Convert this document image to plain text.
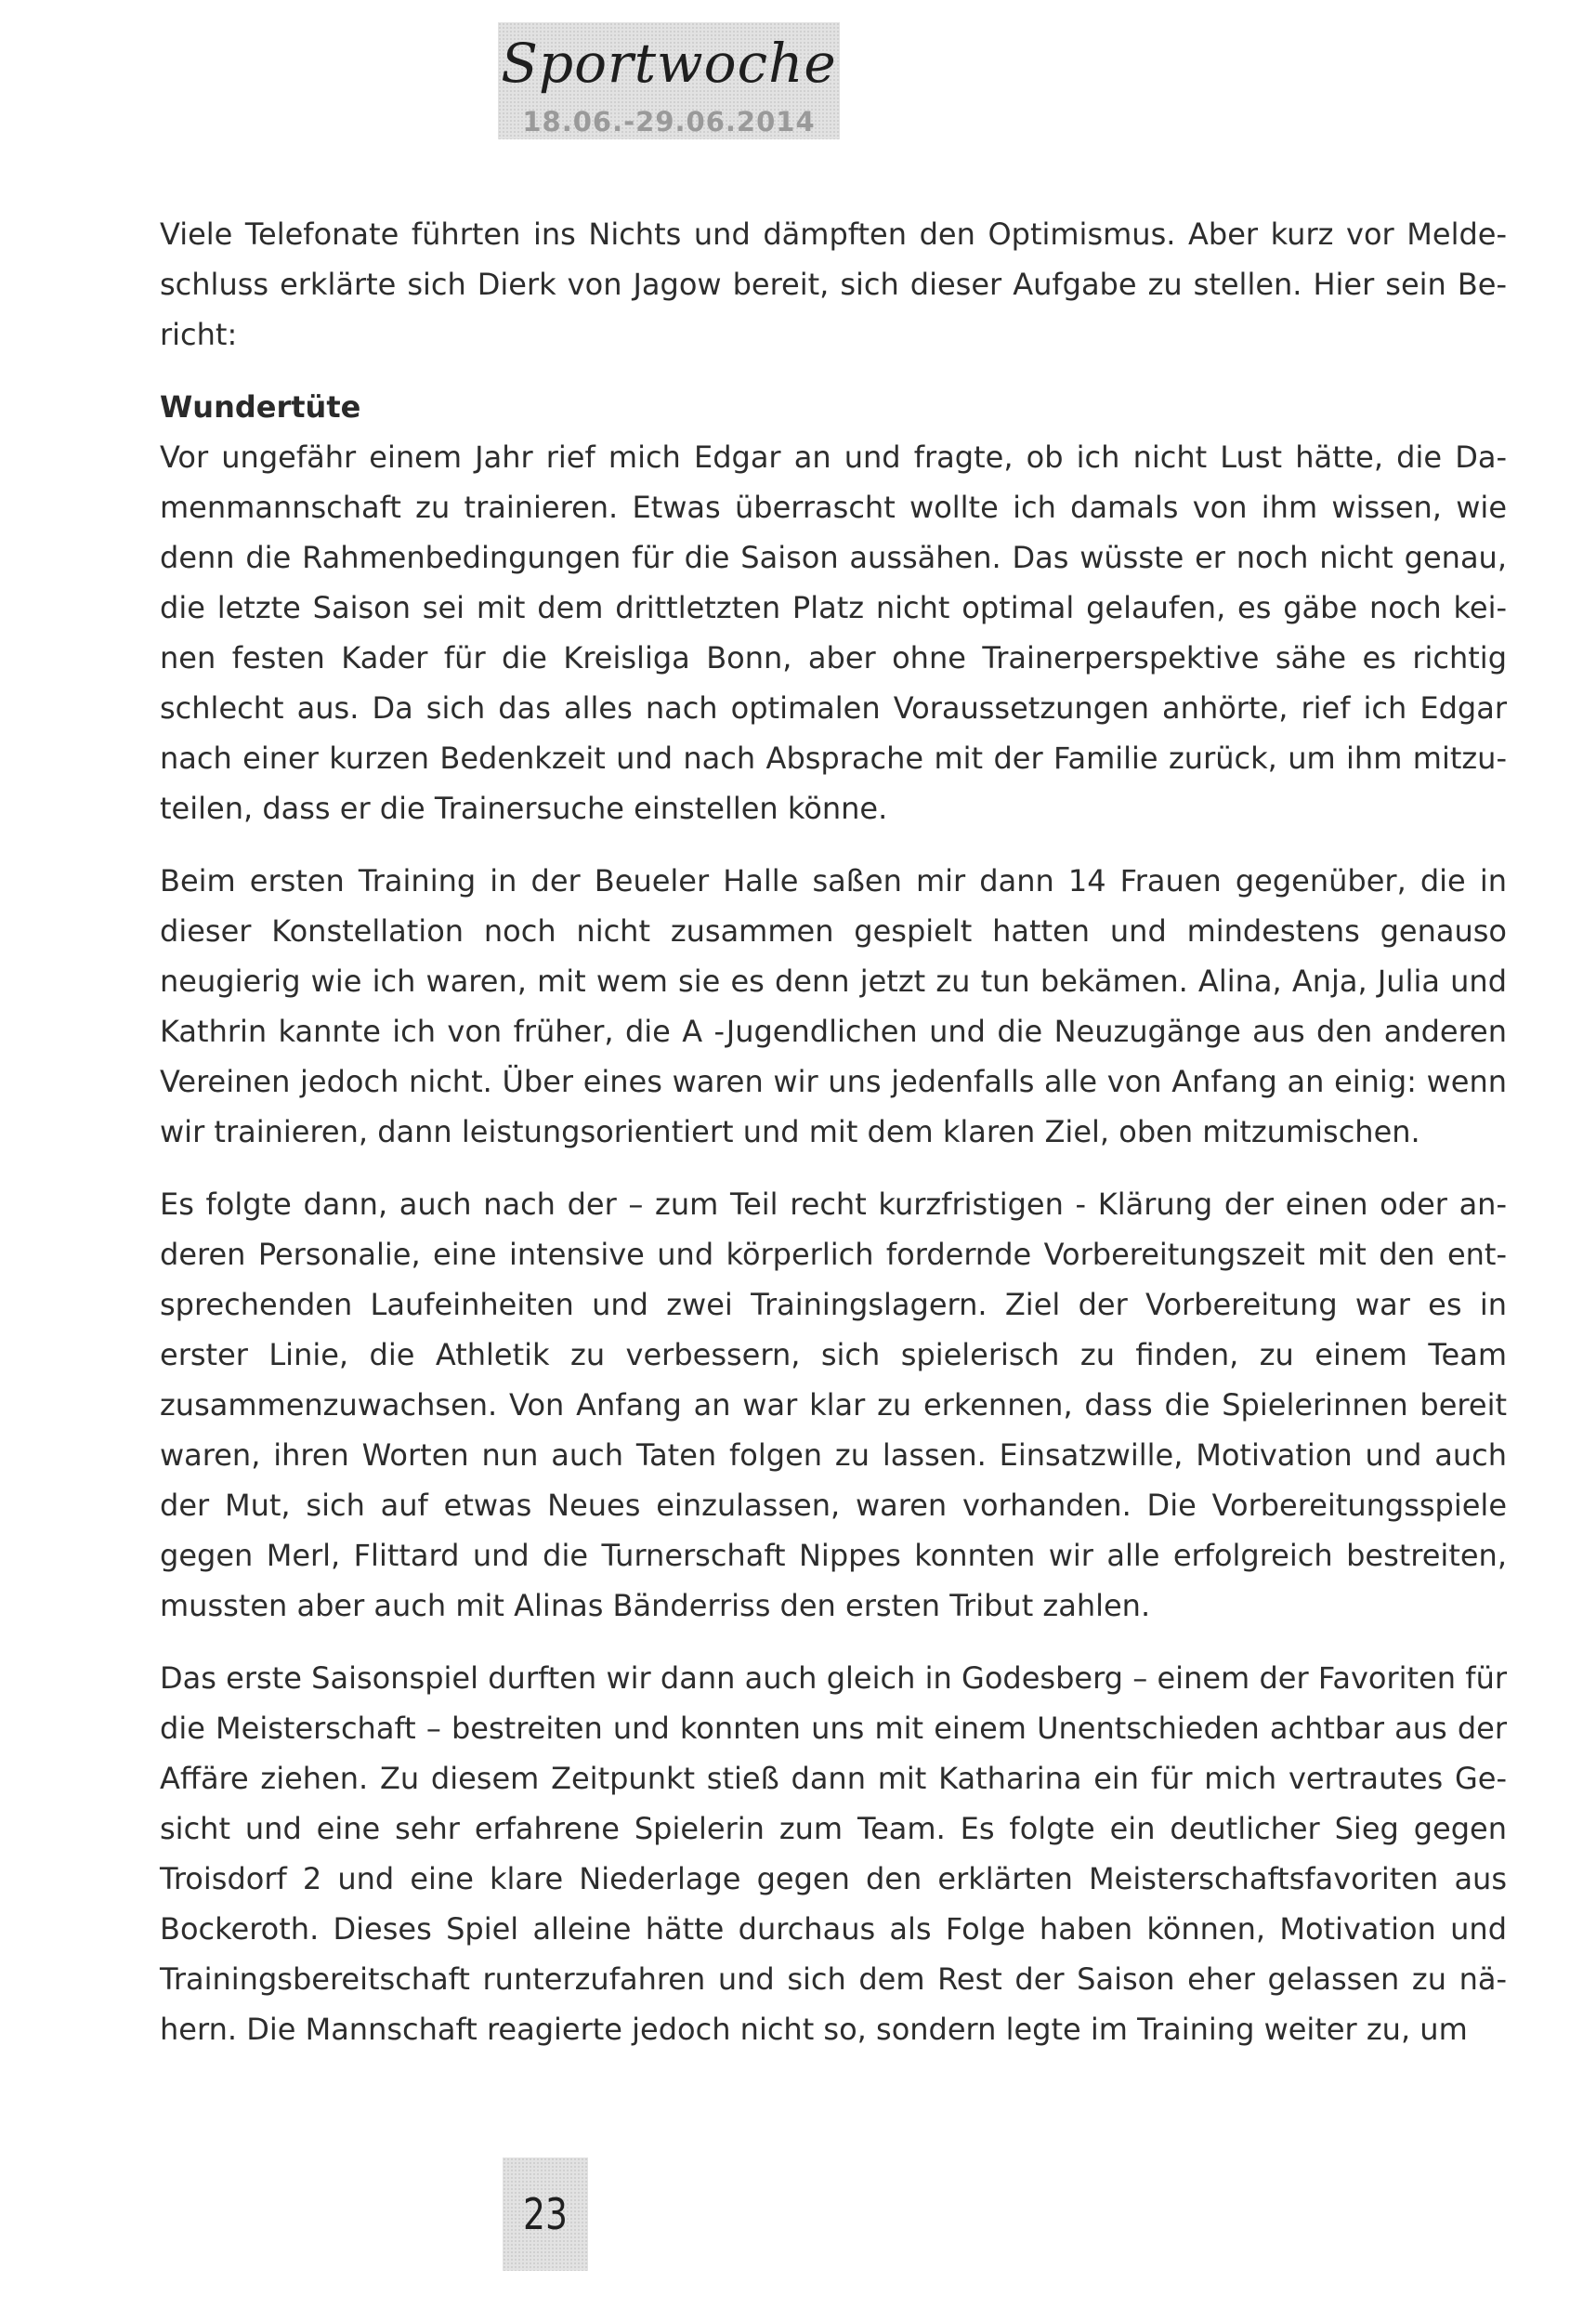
Sportwoche
18.06.-29.06.2014

Viele Telefonate führten ins Nichts und dämpften den Optimismus. Aber kurz vor Meldeschluss erklärte sich Dierk von Jagow bereit, sich dieser Aufgabe zu stellen. Hier sein Bericht:

Wundertüte

Vor ungefähr einem Jahr rief mich Edgar an und fragte, ob ich nicht Lust hätte, die Damenmannschaft zu trainieren. Etwas überrascht wollte ich damals von ihm wissen, wie denn die Rahmenbedingungen für die Saison aussähen. Das wüsste er noch nicht genau, die letzte Saison sei mit dem drittletzten Platz nicht optimal gelaufen, es gäbe noch keinen festen Kader für die Kreisliga Bonn, aber ohne Trainerperspektive sähe es richtig schlecht aus. Da sich das alles nach optimalen Voraussetzungen anhörte, rief ich Edgar nach einer kurzen Bedenkzeit und nach Absprache mit der Familie zurück, um ihm mitzuteilen, dass er die Trainersuche einstellen könne.

Beim ersten Training in der Beueler Halle saßen mir dann 14 Frauen gegenüber, die in dieser Konstellation noch nicht zusammen gespielt hatten und mindestens genauso neugierig wie ich waren, mit wem sie es denn jetzt zu tun bekämen. Alina, Anja, Julia und Kathrin kannte ich von früher, die A -Jugendlichen und die Neuzugänge aus den anderen Vereinen jedoch nicht. Über eines waren wir uns jedenfalls alle von Anfang an einig: wenn wir trainieren, dann leistungsorientiert und mit dem klaren Ziel, oben mitzumischen.

Es folgte dann, auch nach der – zum Teil recht kurzfristigen - Klärung der einen oder anderen Personalie, eine intensive und körperlich fordernde Vorbereitungszeit mit den entsprechenden Laufeinheiten und zwei Trainingslagern. Ziel der Vorbereitung war es in erster Linie, die Athletik zu verbessern, sich spielerisch zu finden, zu einem Team zusammenzuwachsen. Von Anfang an war klar zu erkennen, dass die Spielerinnen bereit waren, ihren Worten nun auch Taten folgen zu lassen. Einsatzwille, Motivation und auch der Mut, sich auf etwas Neues einzulassen, waren vorhanden. Die Vorbereitungsspiele gegen Merl, Flittard und die Turnerschaft Nippes konnten wir alle erfolgreich bestreiten, mussten aber auch mit Alinas Bänderriss den ersten Tribut zahlen.

Das erste Saisonspiel durften wir dann auch gleich in Godesberg – einem der Favoriten für die Meisterschaft – bestreiten und konnten uns mit einem Unentschieden achtbar aus der Affäre ziehen. Zu diesem Zeitpunkt stieß dann mit Katharina ein für mich vertrautes Gesicht und eine sehr erfahrene Spielerin zum Team. Es folgte ein deutlicher Sieg gegen Troisdorf 2 und eine klare Niederlage gegen den erklärten Meisterschaftsfavoriten aus Bockeroth. Dieses Spiel alleine hätte durchaus als Folge haben können, Motivation und Trainingsbereitschaft runterzufahren und sich dem Rest der Saison eher gelassen zu nähern. Die Mannschaft reagierte jedoch nicht so, sondern legte im Training weiter zu, um

23
